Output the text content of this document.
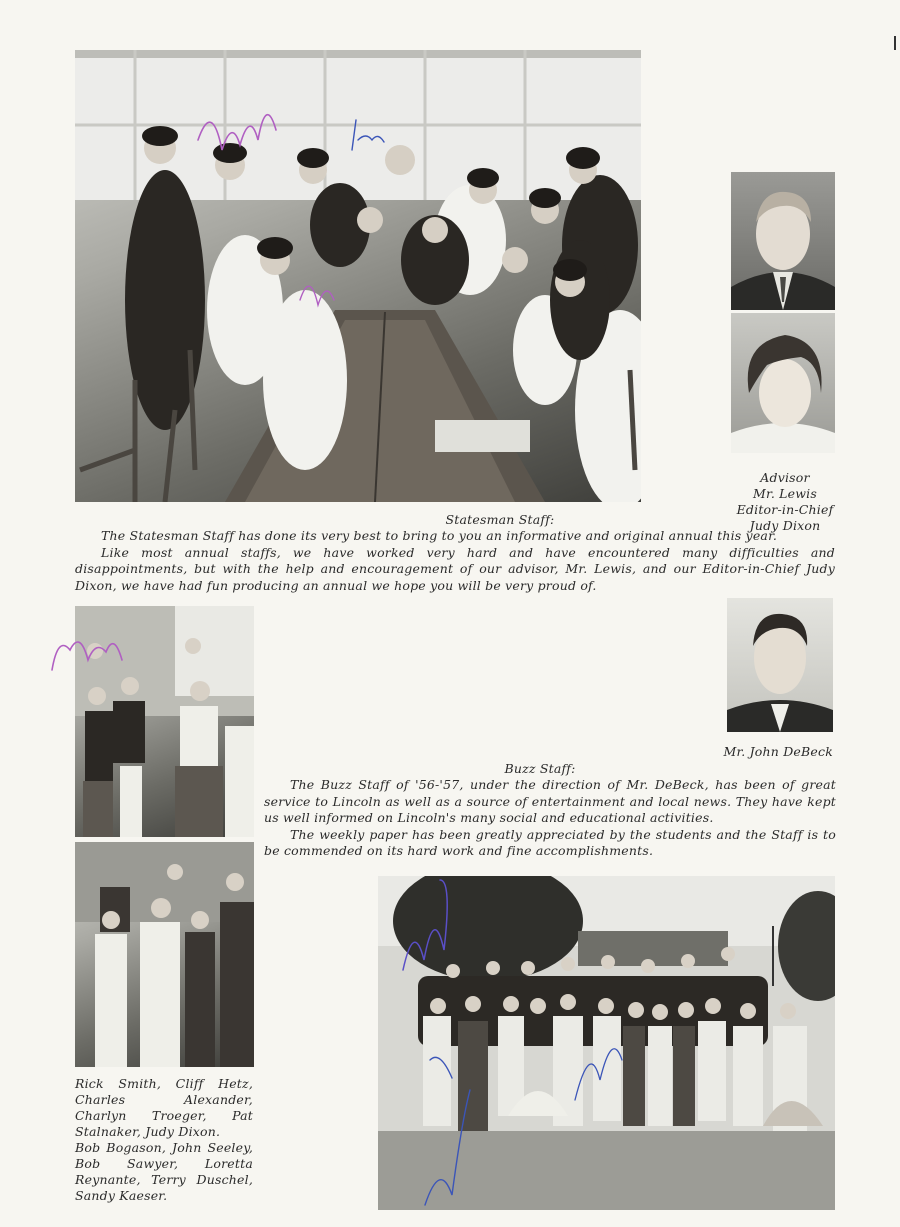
Advisor
Mr. Lewis
Editor-in-Chief
Judy Dixon
Statesman Staff:

The Statesman Staff has done its very best to bring to you an informative and original annual this year.

Like most annual staffs, we have worked very hard and have encountered many difficulties and disappointments, but with the help and encouragement of our advisor, Mr. Lewis, and our Editor-in-Chief Judy Dixon, we have had fun producing an annual we hope you will be very proud of.

Rick Smith, Cliff Hetz, Charles Alexander, Charlyn Troeger, Pat Stalnaker, Judy Dixon.
Bob Bogason, John Seeley, Bob Sawyer, Loretta Reynante, Terry Duschel, Sandy Kaeser.
Mr. John DeBeck
Buzz Staff:

The Buzz Staff of '56-'57, under the direction of Mr. DeBeck, has been of great service to Lincoln as well as a source of entertainment and local news. They have kept us well informed on Lincoln's many social and educational activities.

The weekly paper has been greatly appreciated by the students and the Staff is to be commended on its hard work and fine accomplishments.
